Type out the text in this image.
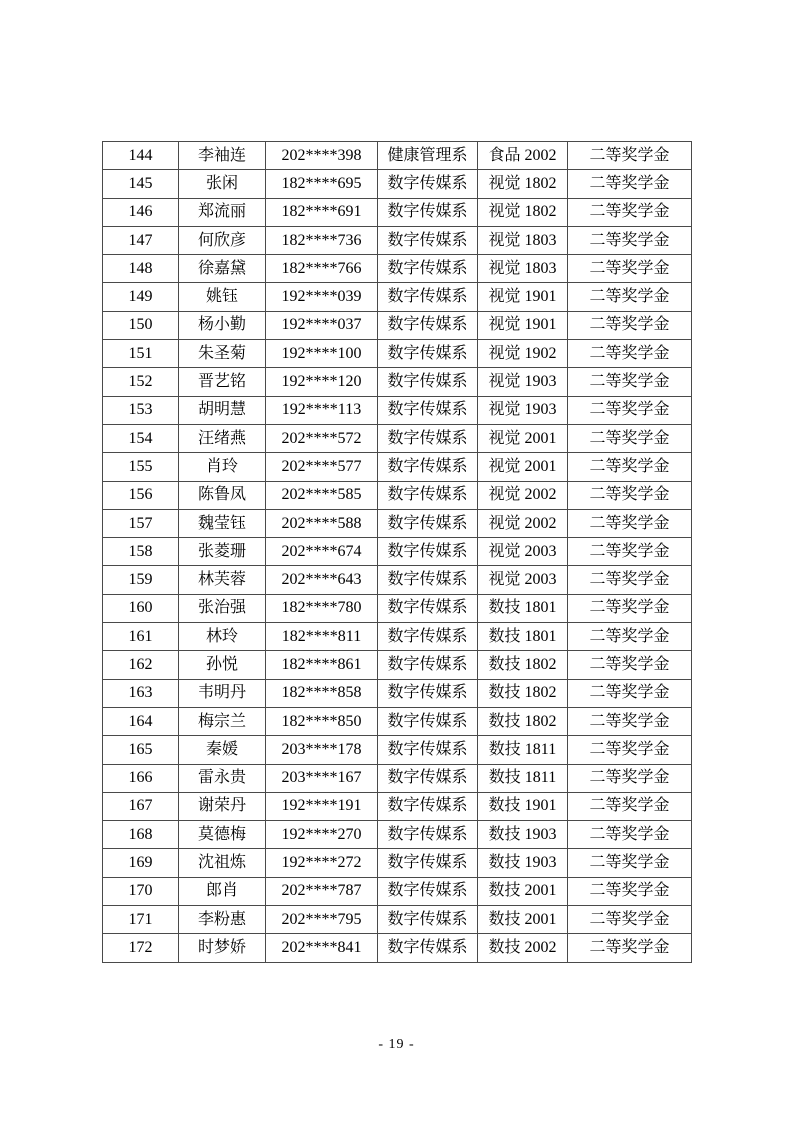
144	李袖连	202****398	健康管理系	食品 2002	二等奖学金
145	张闲	182****695	数字传媒系	视觉 1802	二等奖学金
146	郑流丽	182****691	数字传媒系	视觉 1802	二等奖学金
147	何欣彦	182****736	数字传媒系	视觉 1803	二等奖学金
148	徐嘉黛	182****766	数字传媒系	视觉 1803	二等奖学金
149	姚钰	192****039	数字传媒系	视觉 1901	二等奖学金
150	杨小勤	192****037	数字传媒系	视觉 1901	二等奖学金
151	朱圣菊	192****100	数字传媒系	视觉 1902	二等奖学金
152	晋艺铭	192****120	数字传媒系	视觉 1903	二等奖学金
153	胡明慧	192****113	数字传媒系	视觉 1903	二等奖学金
154	汪绪燕	202****572	数字传媒系	视觉 2001	二等奖学金
155	肖玲	202****577	数字传媒系	视觉 2001	二等奖学金
156	陈鲁凤	202****585	数字传媒系	视觉 2002	二等奖学金
157	魏莹钰	202****588	数字传媒系	视觉 2002	二等奖学金
158	张菱珊	202****674	数字传媒系	视觉 2003	二等奖学金
159	林芙蓉	202****643	数字传媒系	视觉 2003	二等奖学金
160	张治强	182****780	数字传媒系	数技 1801	二等奖学金
161	林玲	182****811	数字传媒系	数技 1801	二等奖学金
162	孙悦	182****861	数字传媒系	数技 1802	二等奖学金
163	韦明丹	182****858	数字传媒系	数技 1802	二等奖学金
164	梅宗兰	182****850	数字传媒系	数技 1802	二等奖学金
165	秦媛	203****178	数字传媒系	数技 1811	二等奖学金
166	雷永贵	203****167	数字传媒系	数技 1811	二等奖学金
167	谢荣丹	192****191	数字传媒系	数技 1901	二等奖学金
168	莫德梅	192****270	数字传媒系	数技 1903	二等奖学金
169	沈祖炼	192****272	数字传媒系	数技 1903	二等奖学金
170	郎肖	202****787	数字传媒系	数技 2001	二等奖学金
171	李粉惠	202****795	数字传媒系	数技 2001	二等奖学金
172	时梦娇	202****841	数字传媒系	数技 2002	二等奖学金
- 19 -
